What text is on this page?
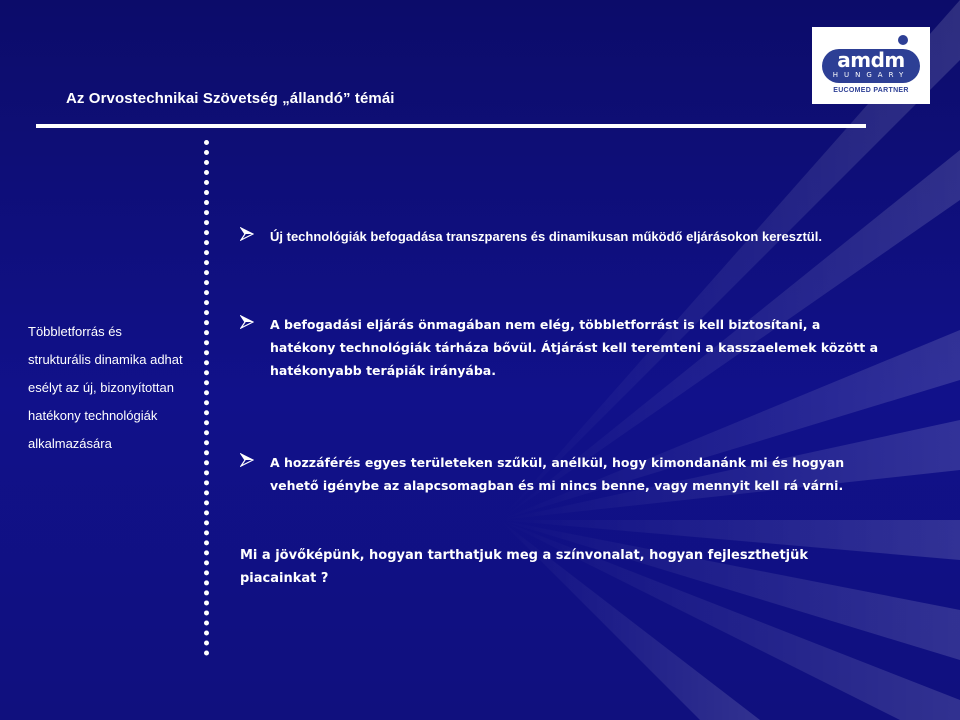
Az Orvostechnikai Szövetség „állandó” témái
amdm
HUNGARY
EUCOMED PARTNER
Többletforrás és
strukturális dinamika adhat
esélyt az új, bizonyítottan
hatékony technológiák
alkalmazására
Új technológiák befogadása transzparens és dinamikusan működő eljárásokon keresztül.
A befogadási eljárás önmagában nem elég, többletforrást is kell biztosítani, a hatékony technológiák tárháza bővül. Átjárást kell teremteni a kasszaelemek között a hatékonyabb terápiák irányába.
A hozzáférés egyes területeken szűkül, anélkül, hogy kimondanánk mi és hogyan vehető igénybe az alapcsomagban és mi nincs benne, vagy mennyit kell rá várni.
Mi a jövőképünk, hogyan tarthatjuk meg a színvonalat, hogyan fejleszthetjük piacainkat ?
